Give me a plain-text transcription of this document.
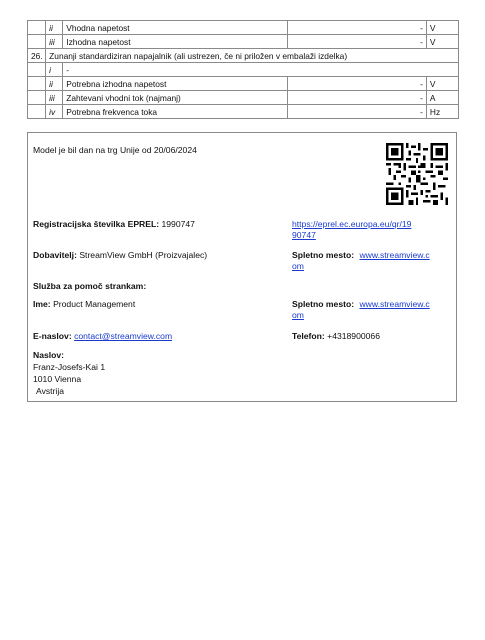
	ii	Vhodna napetost	-	V
	iii	Izhodna napetost	-	V
26.	Zunanji standardiziran napajalnik (ali ustrezen, če ni priložen v embalaži izdelka)			
	i	-		
	ii	Potrebna izhodna napetost	-	V
	iii	Zahtevani vhodni tok (najmanj)	-	A
	iv	Potrebna frekvenca toka	-	Hz
Model je bil dan na trg Unije od 20/06/2024
Registracijska številka EPREL: 1990747	https://eprel.ec.europa.eu/qr/19
90747
Dobavitelj: StreamView GmbH (Proizvajalec)	Spletno mesto: www.streamview.c
om
Služba za pomoč strankam:
Ime: Product Management	Spletno mesto: www.streamview.c
om
E-naslov: contact@streamview.com	Telefon: +4318900066
Naslov:
Franz-Josefs-Kai 1
1010 Vienna
Avstrija
